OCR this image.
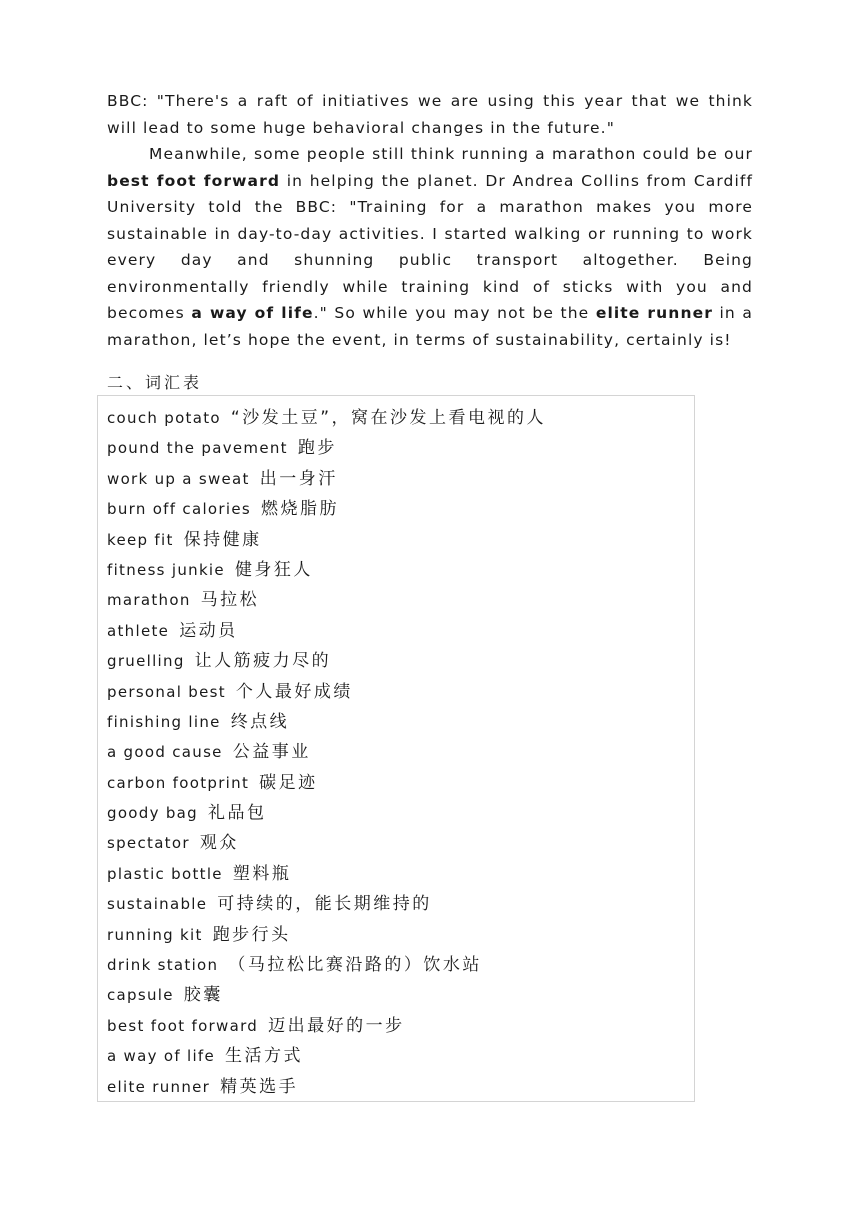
BBC: "There's a raft of initiatives we are using this year that we think will lead to some huge behavioral changes in the future."

Meanwhile, some people still think running a marathon could be our best foot forward in helping the planet. Dr Andrea Collins from Cardiff University told the BBC: "Training for a marathon makes you more sustainable in day-to-day activities. I started walking or running to work every day and shunning public transport altogether. Being environmentally friendly while training kind of sticks with you and becomes a way of life." So while you may not be the elite runner in a marathon, let’s hope the event, in terms of sustainability, certainly is!

二、词汇表
couch potato “沙发土豆”，窝在沙发上看电视的人
pound the pavement 跑步
work up a sweat 出一身汗
burn off calories 燃烧脂肪
keep fit 保持健康
fitness junkie 健身狂人
marathon 马拉松
athlete 运动员
gruelling 让人筋疲力尽的
personal best 个人最好成绩
finishing line 终点线
a good cause 公益事业
carbon footprint 碳足迹
goody bag 礼品包
spectator 观众
plastic bottle 塑料瓶
sustainable 可持续的，能长期维持的
running kit 跑步行头
drink station （马拉松比赛沿路的）饮水站
capsule 胶囊
best foot forward 迈出最好的一步
a way of life 生活方式
elite runner 精英选手
